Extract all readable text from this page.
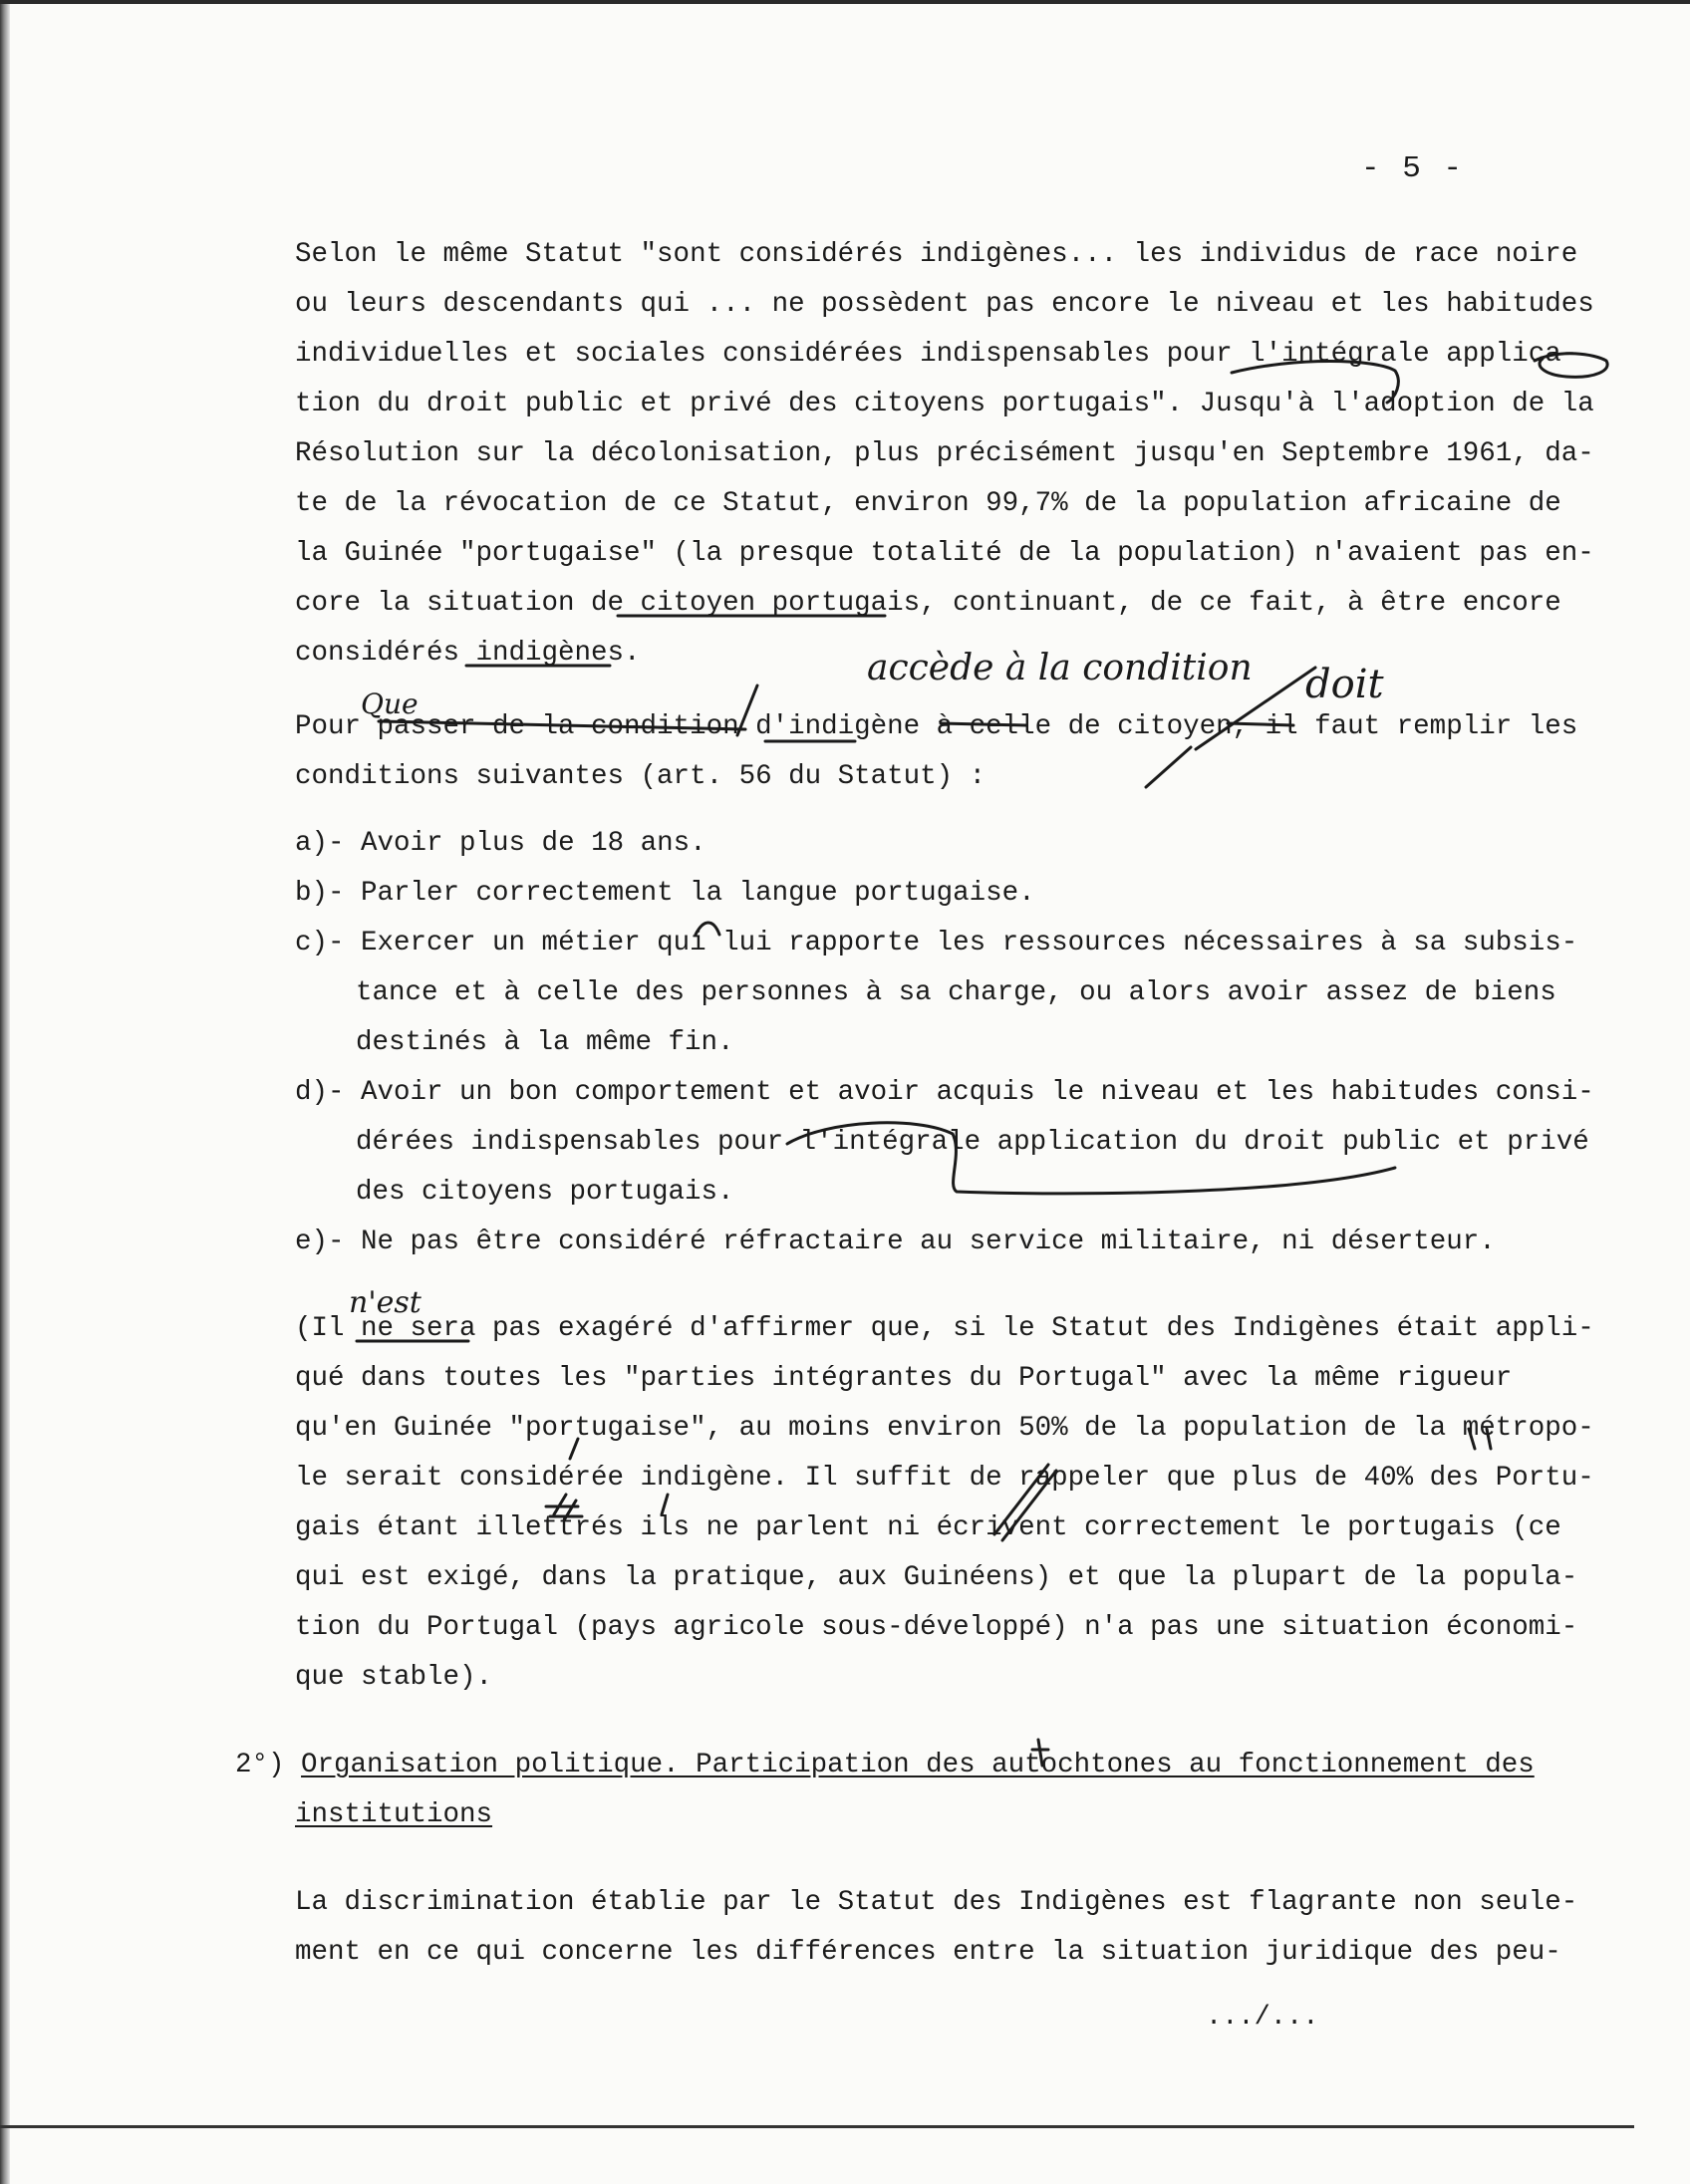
- 5 -
Selon le même Statut "sont considérés indigènes... les individus de race noire
ou leurs descendants qui ... ne possèdent pas encore le niveau et les habitudes
individuelles et sociales considérées indispensables pour l'intégrale applica-
tion du droit public et privé des citoyens portugais". Jusqu'à l'adoption de la
Résolution sur la décolonisation, plus précisément jusqu'en Septembre 1961, da-
te de la révocation de ce Statut, environ 99,7% de la population africaine de
la Guinée "portugaise" (la presque totalité de la population) n'avaient pas en-
core la situation de citoyen portugais, continuant, de ce fait, à être encore
considérés indigènes.
Pour passer de la condition d'indigène à celle de citoyen, il faut remplir les
conditions suivantes (art. 56 du Statut) :
a)- Avoir plus de 18 ans.
b)- Parler correctement la langue portugaise.
c)- Exercer un métier qui lui rapporte les ressources nécessaires à sa subsis-
tance et à celle des personnes à sa charge, ou alors avoir assez de biens
destinés à la même fin.
d)- Avoir un bon comportement et avoir acquis le niveau et les habitudes consi-
dérées indispensables pour l'intégrale application du droit public et privé
des citoyens portugais.
e)- Ne pas être considéré réfractaire au service militaire, ni déserteur.
(Il ne sera pas exagéré d'affirmer que, si le Statut des Indigènes était appli-
qué dans toutes les "parties intégrantes du Portugal" avec la même rigueur
qu'en Guinée "portugaise", au moins environ 50% de la population de la métropo-
le serait considérée indigène. Il suffit de rappeler que plus de 40% des Portu-
gais étant illettrés ils ne parlent ni écrivent correctement le portugais (ce
qui est exigé, dans la pratique, aux Guinéens) et que la plupart de la popula-
tion du Portugal (pays agricole sous-développé) n'a pas une situation économi-
que stable).
2°) Organisation politique. Participation des autochtones au fonctionnement des
institutions
La discrimination établie par le Statut des Indigènes est flagrante non seule-
ment en ce qui concerne les différences entre la situation juridique des peu-
.../...
accède à la condition doit
Que
n'est
